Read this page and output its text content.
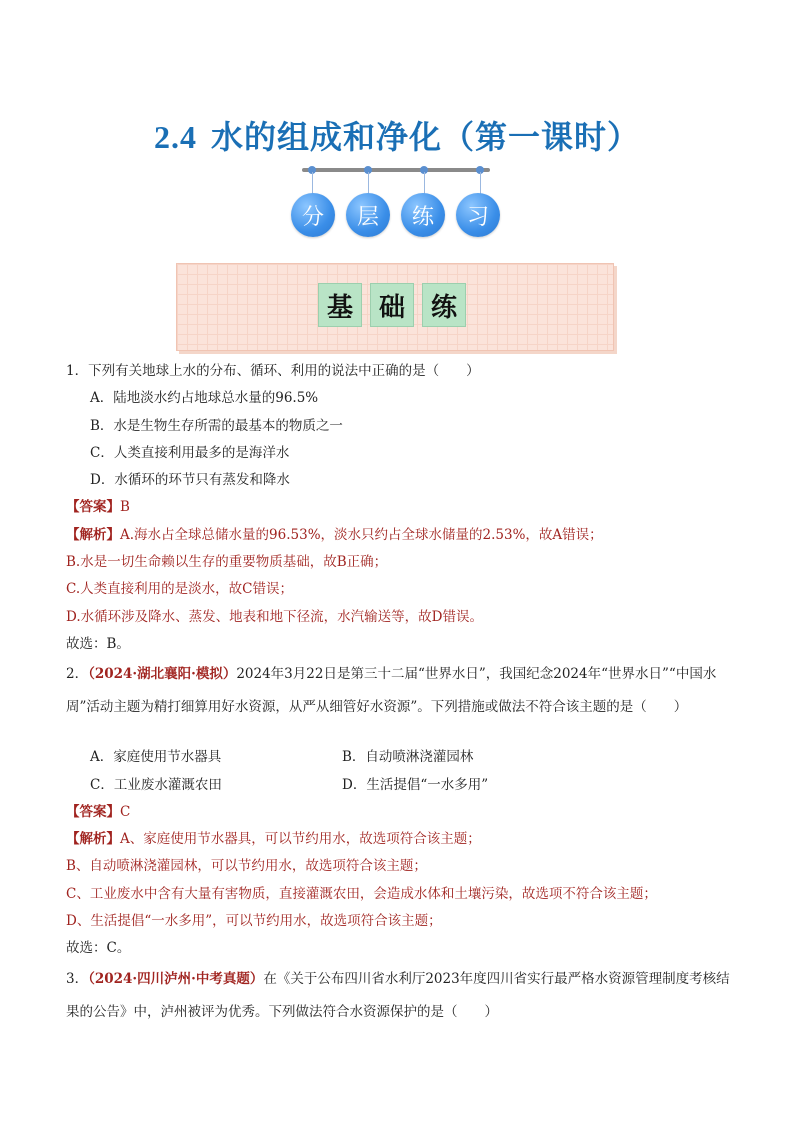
2.4 水的组成和净化（第一课时）
分	层	练	习
基 础 练
1．下列有关地球上水的分布、循环、利用的说法中正确的是（　　）
A．陆地淡水约占地球总水量的96.5%
B．水是生物生存所需的最基本的物质之一
C．人类直接利用最多的是海洋水
D．水循环的环节只有蒸发和降水
【答案】B
【解析】A.海水占全球总储水量的96.53%，淡水只约占全球水储量的2.53%，故A错误；
B.水是一切生命赖以生存的重要物质基础，故B正确；
C.人类直接利用的是淡水，故C错误；
D.水循环涉及降水、蒸发、地表和地下径流，水汽输送等，故D错误。
故选：B。
2．（2024·湖北襄阳·模拟）2024年3月22日是第三十二届“世界水日”，我国纪念2024年“世界水日”“中国水周”活动主题为精打细算用好水资源，从严从细管好水资源”。下列措施或做法不符合该主题的是（　　）
A．家庭使用节水器具	B．自动喷淋浇灌园林
C．工业废水灌溉农田	D．生活提倡“一水多用”
【答案】C
【解析】A、家庭使用节水器具，可以节约用水，故选项符合该主题；
B、自动喷淋浇灌园林，可以节约用水，故选项符合该主题；
C、工业废水中含有大量有害物质，直接灌溉农田，会造成水体和土壤污染，故选项不符合该主题；
D、生活提倡“一水多用”，可以节约用水，故选项符合该主题；
故选：C。
3．（2024·四川泸州·中考真题）在《关于公布四川省水利厅2023年度四川省实行最严格水资源管理制度考核结果的公告》中，泸州被评为优秀。下列做法符合水资源保护的是（　　）
